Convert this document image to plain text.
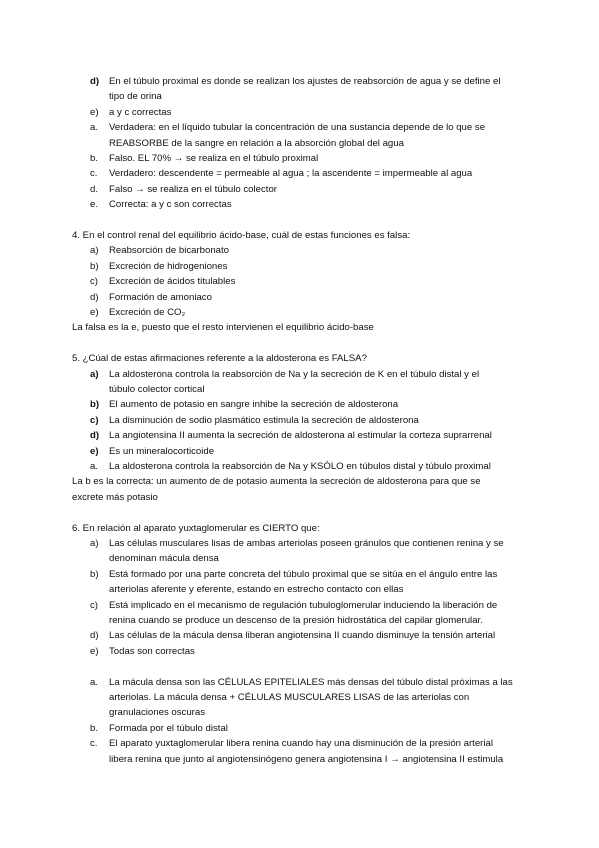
d) En el túbulo proximal es donde se realizan los ajustes de reabsorción de agua y se define el
tipo de orina
e) a y c correctas
a. Verdadera: en el líquido tubular la concentración de una sustancia depende de lo que se
REABSORBE de la sangre en relación a la absorción global del agua
b. Falso. EL 70% → se realiza en el túbulo proximal
c. Verdadero: descendente = permeable al agua ; la ascendente = impermeable al agua
d. Falso → se realiza en el túbulo colector
e. Correcta: a y c son correctas
4. En el control renal del equilibrio ácido-base, cuál de estas funciones es falsa:
a) Reabsorción de bicarbonato
b) Excreción de hidrogeniones
c) Excreción de ácidos titulables
d) Formación de amoniaco
e) Excreción de CO₂
La falsa es la e, puesto que el resto intervienen el equilibrio ácido-base
5. ¿Cúal de estas afirmaciones referente a la aldosterona es FALSA?
a) La aldosterona controla la reabsorción de Na y la secreción de K en el túbulo distal y el
túbulo colector cortical
b) El aumento de potasio en sangre inhibe la secreción de aldosterona
c) La disminución de sodio plasmático estimula la secreción de aldosterona
d) La angiotensina II aumenta la secreción de aldosterona al estimular la corteza suprarrenal
e) Es un mineralocorticoide
a. La aldosterona controla la reabsorción de Na y KSÓLO en túbulos distal y túbulo proximal
La b es la correcta: un aumento de de potasio aumenta la secreción de aldosterona para que se
excrete más potasio
6. En relación al aparato yuxtaglomerular es CIERTO que:
a) Las células musculares lisas de ambas arteriolas poseen gránulos que contienen renina y se
denominan mácula densa
b) Está formado por una parte concreta del túbulo proximal que se sitúa en el ángulo entre las
arteriolas aferente y eferente, estando en estrecho contacto con ellas
c) Está implicado en el mecanismo de regulación tubuloglomerular induciendo la liberación de
renina cuando se produce un descenso de la presión hidrostática del capilar glomerular.
d) Las células de la mácula densa liberan angiotensina II cuando disminuye la tensión arterial
e) Todas son correctas
a. La mácula densa son las CÉLULAS EPITELIALES más densas del túbulo distal próximas a las
arteriolas. La mácula densa + CÉLULAS MUSCULARES LISAS de las arteriolas con
granulaciones oscuras
b. Formada por el túbulo distal
c. El aparato yuxtaglomerular libera renina cuando hay una disminución de la presión arterial
libera renina que junto al angiotensinógeno genera angiotensina I → angiotensina II estimula
